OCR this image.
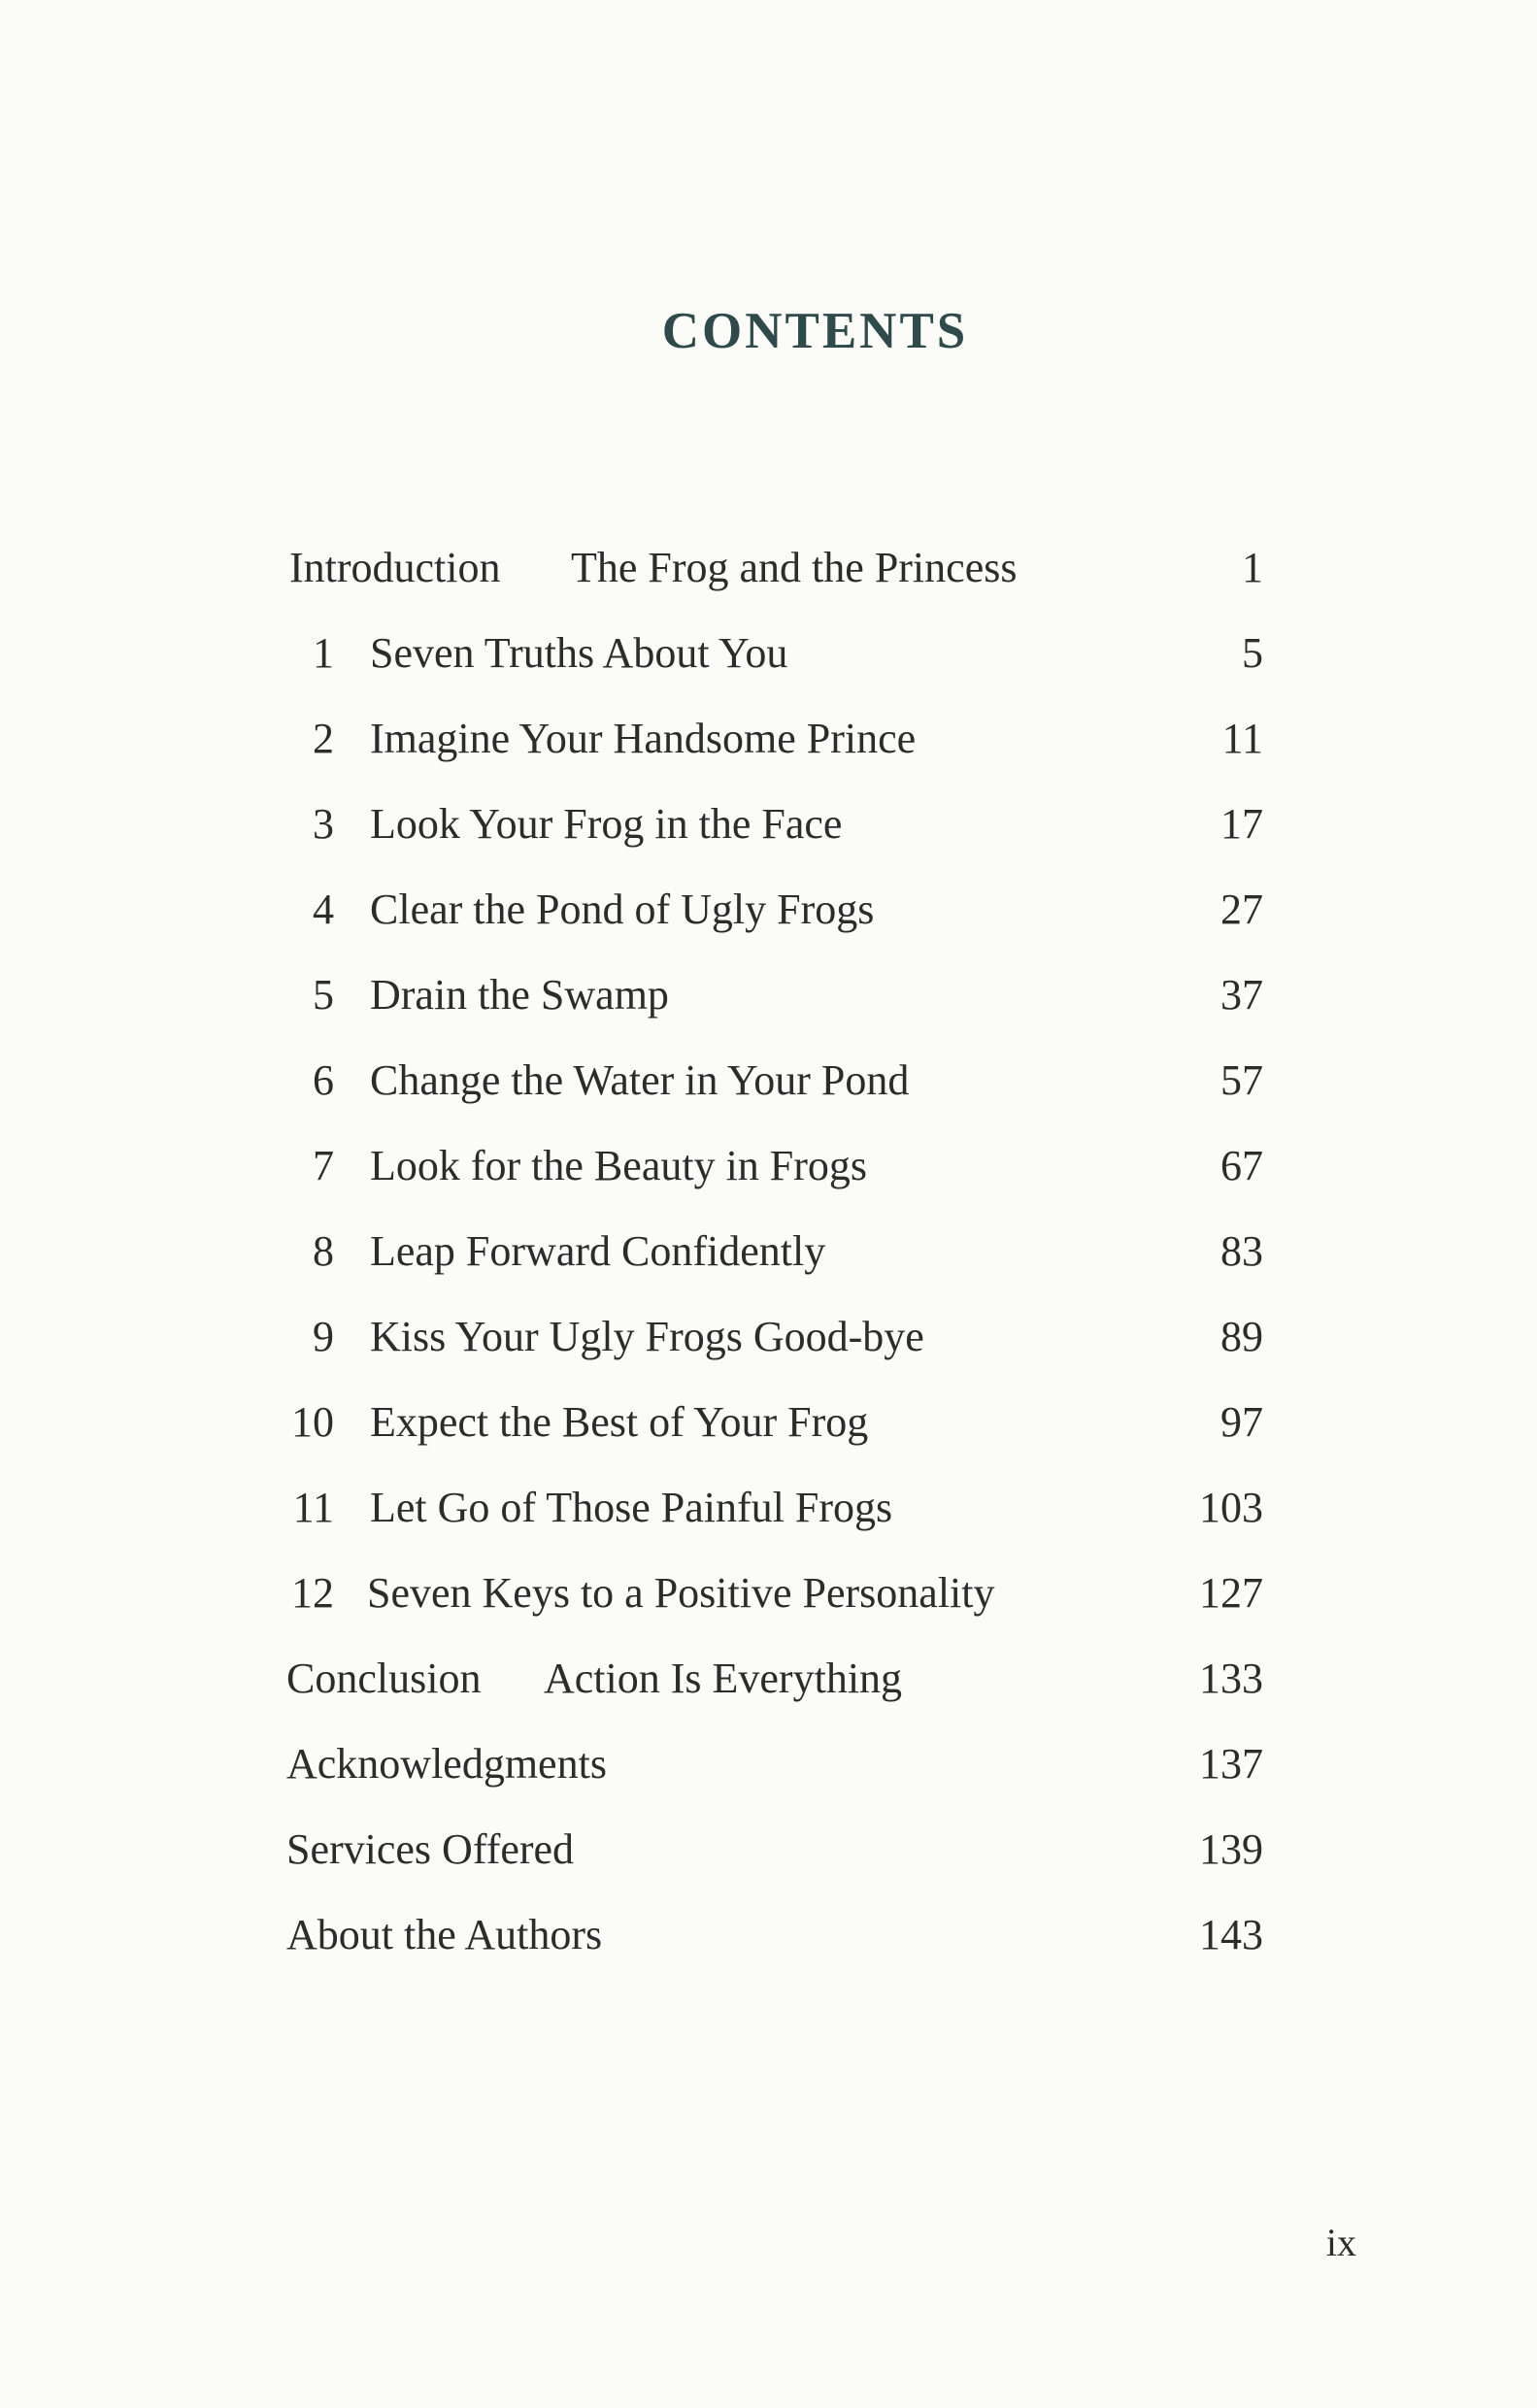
CONTENTS
Introduction The Frog and the Princess	1
1 Seven Truths About You	5
2 Imagine Your Handsome Prince	11
3 Look Your Frog in the Face	17
4 Clear the Pond of Ugly Frogs	27
5 Drain the Swamp	37
6 Change the Water in Your Pond	57
7 Look for the Beauty in Frogs	67
8 Leap Forward Confidently	83
9 Kiss Your Ugly Frogs Good-bye	89
10 Expect the Best of Your Frog	97
11 Let Go of Those Painful Frogs	103
12 Seven Keys to a Positive Personality	127
Conclusion Action Is Everything	133
Acknowledgments	137
Services Offered	139
About the Authors	143
ix
